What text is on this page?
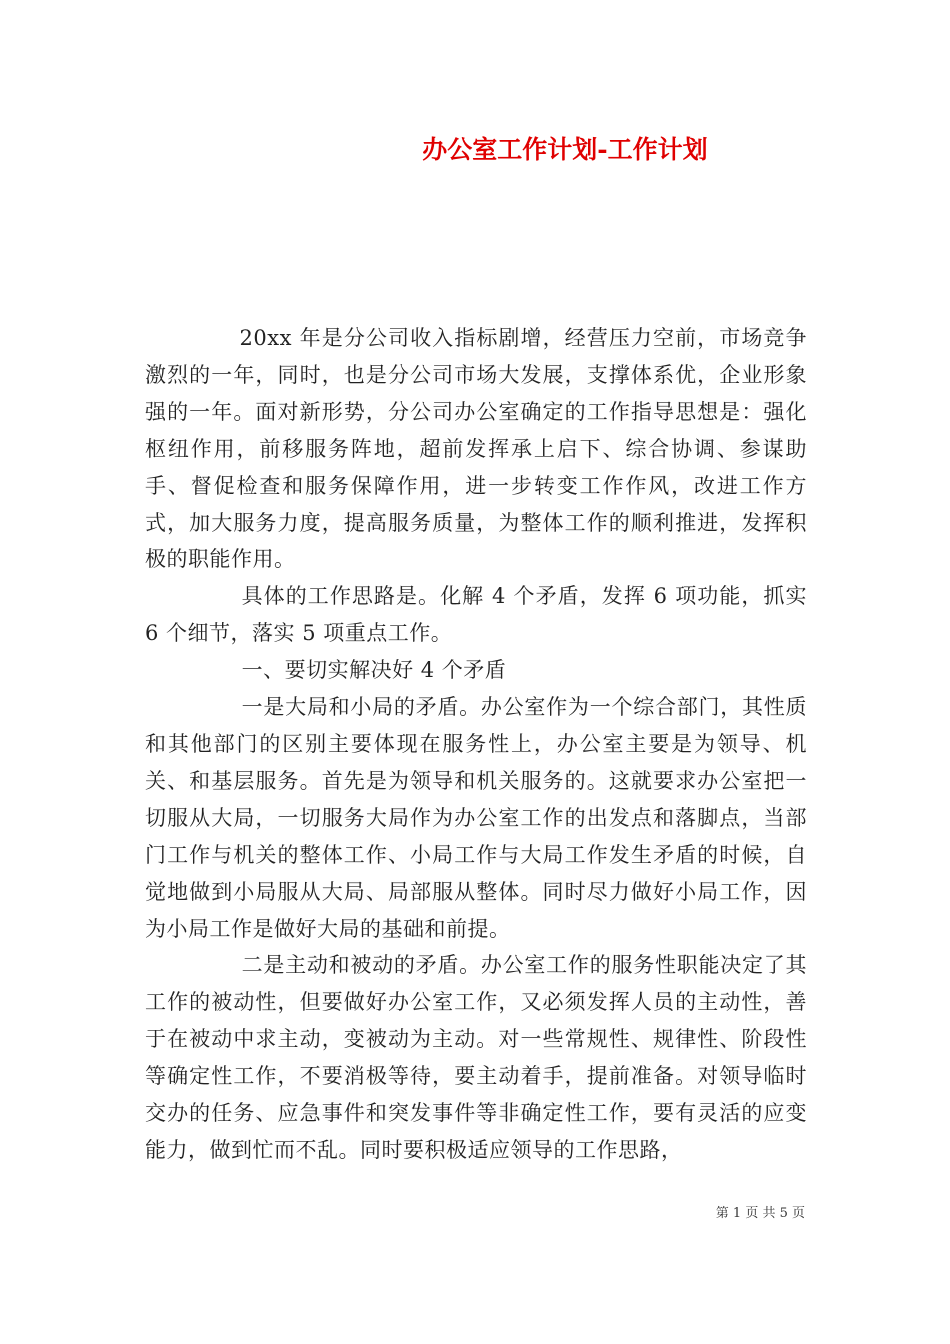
办公室工作计划-工作计划

20xx 年是分公司收入指标剧增，经营压力空前，市场竞争激烈的一年，同时，也是分公司市场大发展，支撑体系优，企业形象强的一年。面对新形势，分公司办公室确定的工作指导思想是：强化枢纽作用，前移服务阵地，超前发挥承上启下、综合协调、参谋助手、督促检查和服务保障作用，进一步转变工作作风，改进工作方式，加大服务力度，提高服务质量，为整体工作的顺利推进，发挥积极的职能作用。

具体的工作思路是。化解 4 个矛盾，发挥 6 项功能，抓实 6 个细节，落实 5 项重点工作。

一、要切实解决好 4 个矛盾

一是大局和小局的矛盾。办公室作为一个综合部门，其性质和其他部门的区别主要体现在服务性上，办公室主要是为领导、机关、和基层服务。首先是为领导和机关服务的。这就要求办公室把一切服从大局，一切服务大局作为办公室工作的出发点和落脚点，当部门工作与机关的整体工作、小局工作与大局工作发生矛盾的时候，自觉地做到小局服从大局、局部服从整体。同时尽力做好小局工作，因为小局工作是做好大局的基础和前提。

二是主动和被动的矛盾。办公室工作的服务性职能决定了其工作的被动性，但要做好办公室工作，又必须发挥人员的主动性，善于在被动中求主动，变被动为主动。对一些常规性、规律性、阶段性等确定性工作，不要消极等待，要主动着手，提前准备。对领导临时交办的任务、应急事件和突发事件等非确定性工作，要有灵活的应变能力，做到忙而不乱。同时要积极适应领导的工作思路，

第 1 页 共 5 页
